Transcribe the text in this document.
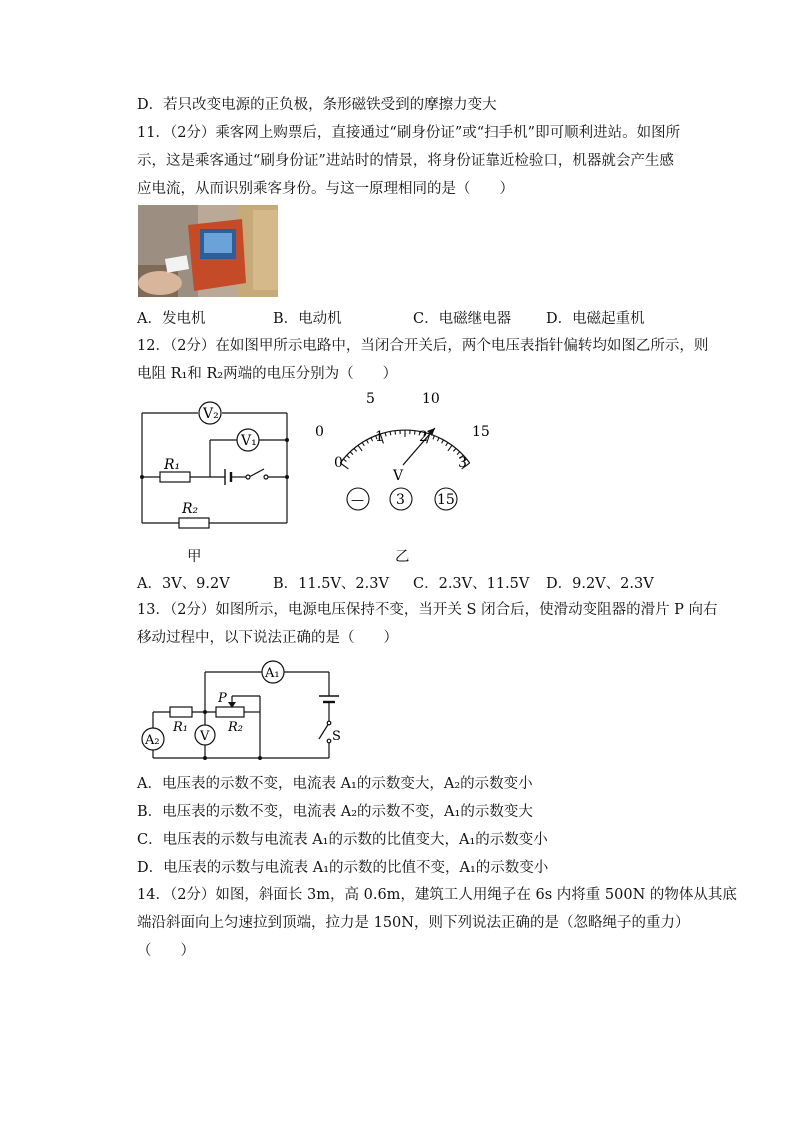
D．若只改变电源的正负极，条形磁铁受到的摩擦力变大
11．（2分）乘客网上购票后，直接通过“刷身份证”或“扫手机”即可顺利进站。如图所
示，这是乘客通过“刷身份证”进站时的情景，将身份证靠近检验口，机器就会产生感
应电流，从而识别乘客身份。与这一原理相同的是（　　）
A．发电机	B．电动机	C．电磁继电器 D．电磁起重机
12．（2分）在如图甲所示电路中，当闭合开关后，两个电压表指针偏转均如图乙所示，则
电阻 R₁和 R₂两端的电压分别为（　　）
V₂
V₁
R₁
R₂
0
5	10
15
0
1	2
3
V
— 3 15
甲	乙
A．3V、9.2V	B．11.5V、2.3V C．2.3V、11.5V D．9.2V、2.3V
13．（2分）如图所示，电源电压保持不变，当开关 S 闭合后，使滑动变阻器的滑片 P 向右
移动过程中，以下说法正确的是（　　）
A₁
A₂	V
P
R₁	R₂
S
A．电压表的示数不变，电流表 A₁的示数变大，A₂的示数变小
B．电压表的示数不变，电流表 A₂的示数不变，A₁的示数变大
C．电压表的示数与电流表 A₁的示数的比值变大，A₁的示数变小
D．电压表的示数与电流表 A₁的示数的比值不变，A₁的示数变小
14．（2分）如图，斜面长 3m，高 0.6m，建筑工人用绳子在 6s 内将重 500N 的物体从其底
端沿斜面向上匀速拉到顶端，拉力是 150N，则下列说法正确的是（忽略绳子的重力）
（　　）
